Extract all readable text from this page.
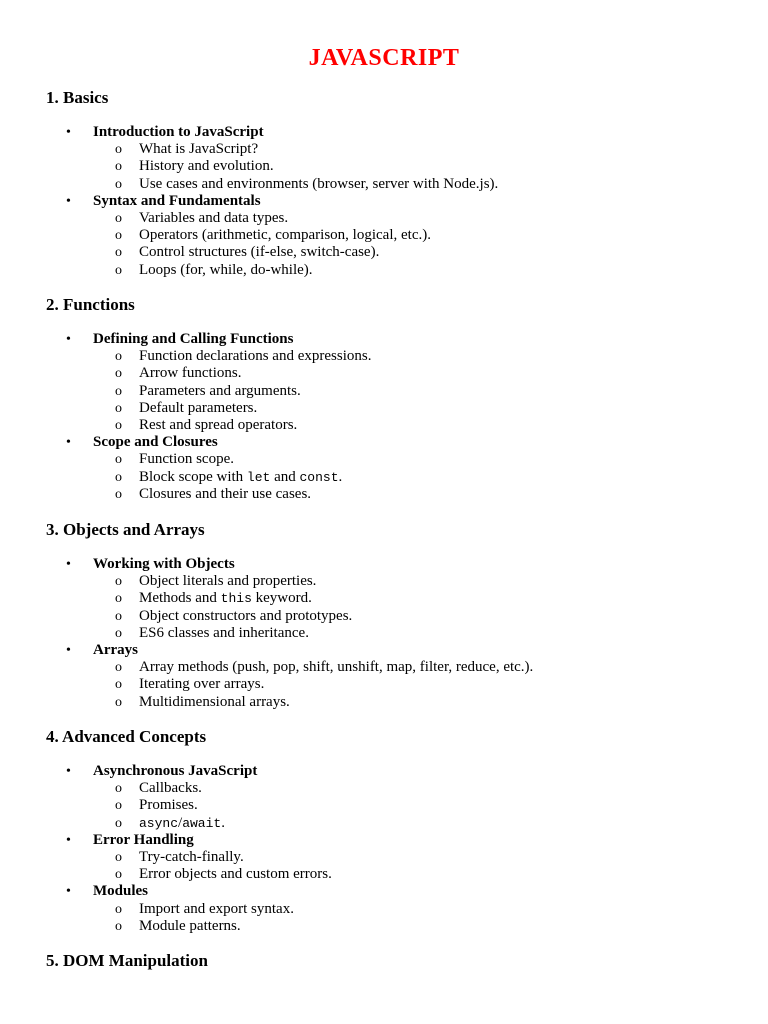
JAVASCRIPT
1. Basics
• Introduction to JavaScript
o What is JavaScript?
o History and evolution.
o Use cases and environments (browser, server with Node.js).
• Syntax and Fundamentals
o Variables and data types.
o Operators (arithmetic, comparison, logical, etc.).
o Control structures (if-else, switch-case).
o Loops (for, while, do-while).
2. Functions
• Defining and Calling Functions
o Function declarations and expressions.
o Arrow functions.
o Parameters and arguments.
o Default parameters.
o Rest and spread operators.
• Scope and Closures
o Function scope.
o Block scope with let and const.
o Closures and their use cases.
3. Objects and Arrays
• Working with Objects
o Object literals and properties.
o Methods and this keyword.
o Object constructors and prototypes.
o ES6 classes and inheritance.
• Arrays
o Array methods (push, pop, shift, unshift, map, filter, reduce, etc.).
o Iterating over arrays.
o Multidimensional arrays.
4. Advanced Concepts
• Asynchronous JavaScript
o Callbacks.
o Promises.
o async/await.
• Error Handling
o Try-catch-finally.
o Error objects and custom errors.
• Modules
o Import and export syntax.
o Module patterns.
5. DOM Manipulation
